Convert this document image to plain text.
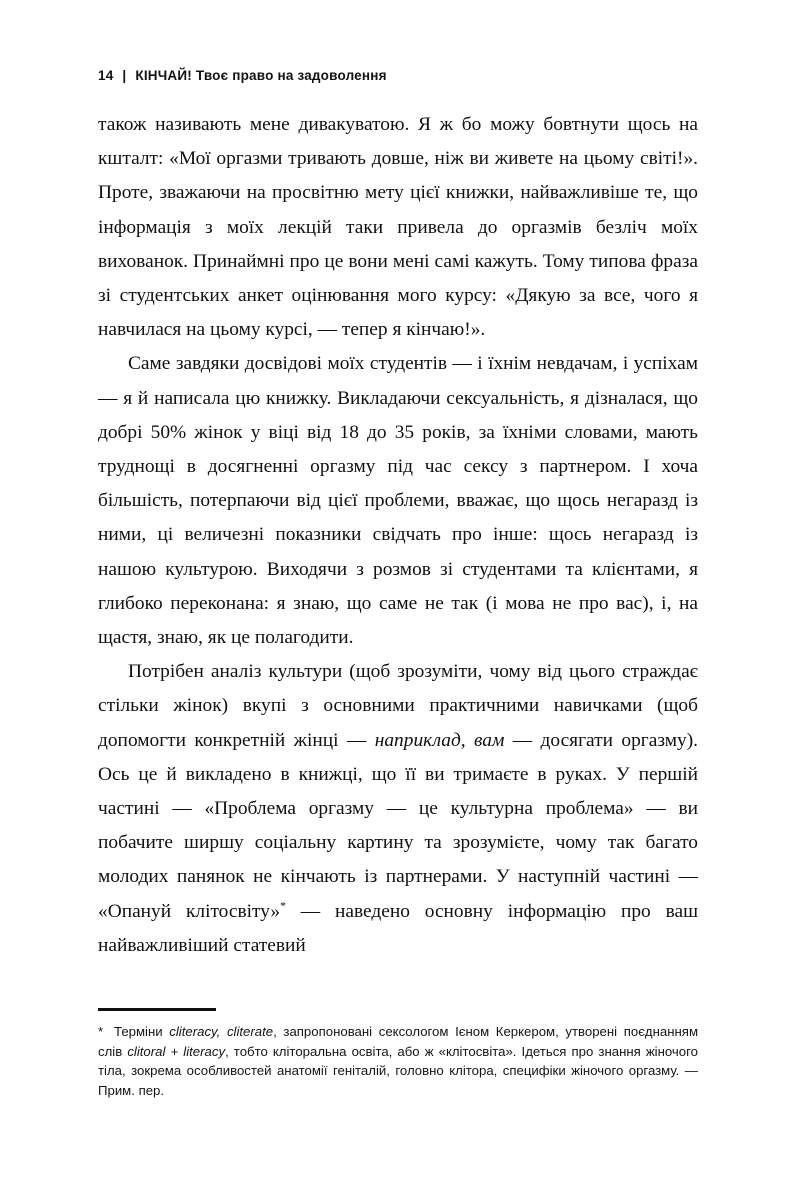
14 | КІНЧАЙ! Твоє право на задоволення

також називають мене дивакуватою. Я ж бо можу бовтнути щось на кшталт: «Мої оргазми тривають довше, ніж ви живете на цьому світі!». Проте, зважаючи на просвітню мету цієї книжки, найважливіше те, що інформація з моїх лекцій таки привела до оргазмів безліч моїх вихованок. Принаймні про це вони мені самі кажуть. Тому типова фраза зі студентських анкет оцінювання мого курсу: «Дякую за все, чого я навчилася на цьому курсі, — тепер я кінчаю!».

Саме завдяки досвідові моїх студентів — і їхнім невдачам, і успіхам — я й написала цю книжку. Викладаючи сексуальність, я дізналася, що добрі 50% жінок у віці від 18 до 35 років, за їхніми словами, мають труднощі в досягненні оргазму під час сексу з партнером. І хоча більшість, потерпаючи від цієї проблеми, вважає, що щось негаразд із ними, ці величезні показники свідчать про інше: щось негаразд із нашою культурою. Виходячи з розмов зі студентами та клієнтами, я глибоко переконана: я знаю, що саме не так (і мова не про вас), і, на щастя, знаю, як це полагодити.

Потрібен аналіз культури (щоб зрозуміти, чому від цього страждає стільки жінок) вкупі з основними практичними навичками (щоб допомогти конкретній жінці — наприклад, вам — досягати оргазму). Ось це й викладено в книжці, що її ви тримаєте в руках. У першій частині — «Проблема оргазму — це культурна проблема» — ви побачите ширшу соціальну картину та зрозумієте, чому так багато молодих панянок не кінчають із партнерами. У наступній частині — «Опануй клітосвіту»* — наведено основну інформацію про ваш найважливіший статевий

* Терміни cliteracy, cliterate, запропоновані сексологом Ієном Керкером, утворені поєднанням слів clitoral + literacy, тобто кліторальна освіта, або ж «клітосвіта». Ідеться про знання жіночого тіла, зокрема особливостей анатомії геніталій, головно клітора, специфіки жіночого оргазму. — Прим. пер.
